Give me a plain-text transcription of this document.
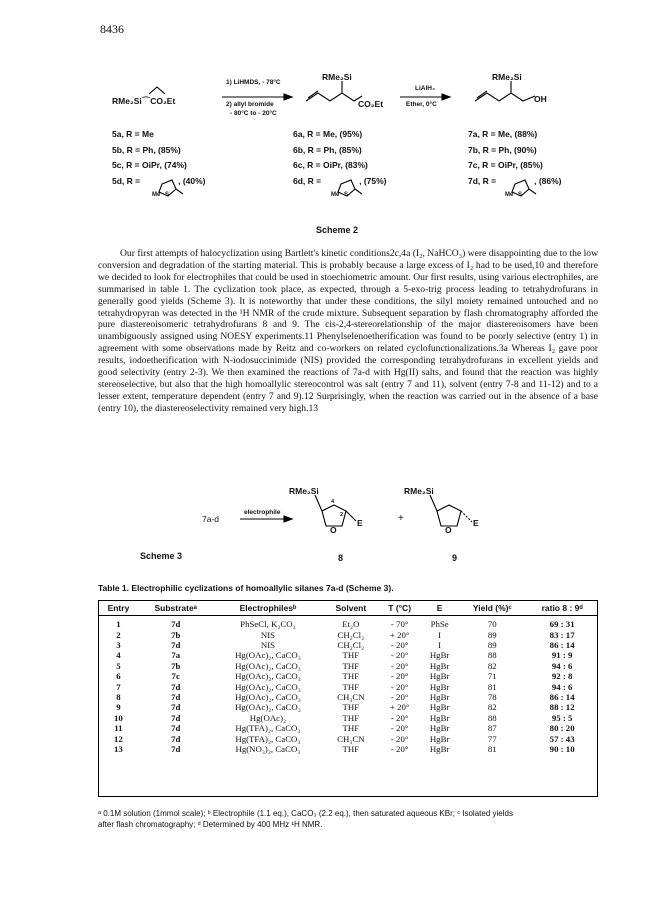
8436
RMe₂Si⌒CO₂Et
1) LiHMDS, - 78°C
2) allyl bromide
- 80°C to - 20°C
RMe₂Si
CO₂Et
LiAlH₄
Ether, 0°C
RMe₂Si
OH
5a, R = Me
5b, R = Ph, (85%)
5c, R = OiPr, (74%)
5d, R =	, (40%)
6a, R = Me, (95%)
6b, R = Ph, (85%)
6c, R = OiPr, (83%)
6d, R =	, (75%)
7a, R = Me, (88%)
7b, R = Ph, (90%)
7c, R = OiPr, (85%)
7d, R =	, (86%)
Me	Me	Me
S	S	S
Scheme 2

Our first attempts of halocyclization using Bartlett's kinetic conditions2c,4a (I₂, NaHCO₃) were disappointing due to the low conversion and degradation of the starting material. This is probably because a large excess of I₂ had to be used,10 and therefore we decided to look for electrophiles that could be used in stoechiometric amount. Our first results, using various electrophiles, are summarised in table 1. The cyclization took place, as expected, through a 5-exo-trig process leading to tetrahydrofurans in generally good yields (Scheme 3). It is noteworthy that under these conditions, the silyl moiety remained untouched and no tetrahydropyran was detected in the ¹H NMR of the crude mixture. Subsequent separation by flash chromatography afforded the pure diastereoisomeric tetrahydrofurans 8 and 9. The cis-2,4-stereorelationship of the major diastereoisomers have been unambiguously assigned using NOESY experiments.11 Phenylselenoetherification was found to be poorly selective (entry 1) in agreement with some observations made by Reitz and co-workers on related cyclofunctionalizations.3a Whereas I₂ gave poor results, iodoetherification with N-iodosuccinimide (NIS) provided the corresponding tetrahydrofurans in excellent yields and good selectivity (entry 2-3). We then examined the reactions of 7a-d with Hg(II) salts, and found that the reaction was highly stereoselective, but also that the high homoallylic stereocontrol was salt (entry 7 and 11), solvent (entry 7-8 and 11-12) and to a lesser extent, temperature dependent (entry 7 and 9).12 Surprisingly, when the reaction was carried out in the absence of a base (entry 10), the diastereoselectivity remained very high.13

7a-d
electrophile
RMe₂Si	RMe₂Si
4
2
E	E
O	O
+
Scheme 3	8	9
Table 1. Electrophilic cyclizations of homoallylic silanes 7a-d (Scheme 3).
Entry	Substrateᵃ	Electrophilesᵇ	Solvent	T (°C)	E	Yield (%)ᶜ	ratio 8 : 9ᵈ
1	7d	PhSeCl, K₂CO₃	Et₂O	- 70°	PhSe	70	69 : 31
2	7b	NIS	CH₂Cl₂	+ 20°	I	89	83 : 17
3	7d	NIS	CH₂Cl₂	- 20°	I	89	86 : 14
4	7a	Hg(OAc)₂, CaCO₃	THF	- 20°	HgBr	88	91 : 9
5	7b	Hg(OAc)₂, CaCO₃	THF	- 20°	HgBr	82	94 : 6
6	7c	Hg(OAc)₂, CaCO₃	THF	- 20°	HgBr	71	92 : 8
7	7d	Hg(OAc)₂, CaCO₃	THF	- 20°	HgBr	81	94 : 6
8	7d	Hg(OAc)₂, CaCO₃	CH₃CN	- 20°	HgBr	78	86 : 14
9	7d	Hg(OAc)₂, CaCO₃	THF	+ 20°	HgBr	82	88 : 12
10	7d	Hg(OAc)₂	THF	- 20°	HgBr	88	95 : 5
11	7d	Hg(TFA)₂, CaCO₃	THF	- 20°	HgBr	87	80 : 20
12	7d	Hg(TFA)₂, CaCO₃	CH₃CN	- 20°	HgBr	77	57 : 43
13	7d	Hg(NO₃)₂, CaCO₃	THF	- 20°	HgBr	81	90 : 10
ᵃ 0.1M solution (1mmol scale); ᵇ Electrophile (1.1 eq.), CaCO₃ (2.2 eq.), then saturated aqueous KBr; ᶜ Isolated yields
after flash chromatography; ᵈ Determined by 400 MHz ¹H NMR.
